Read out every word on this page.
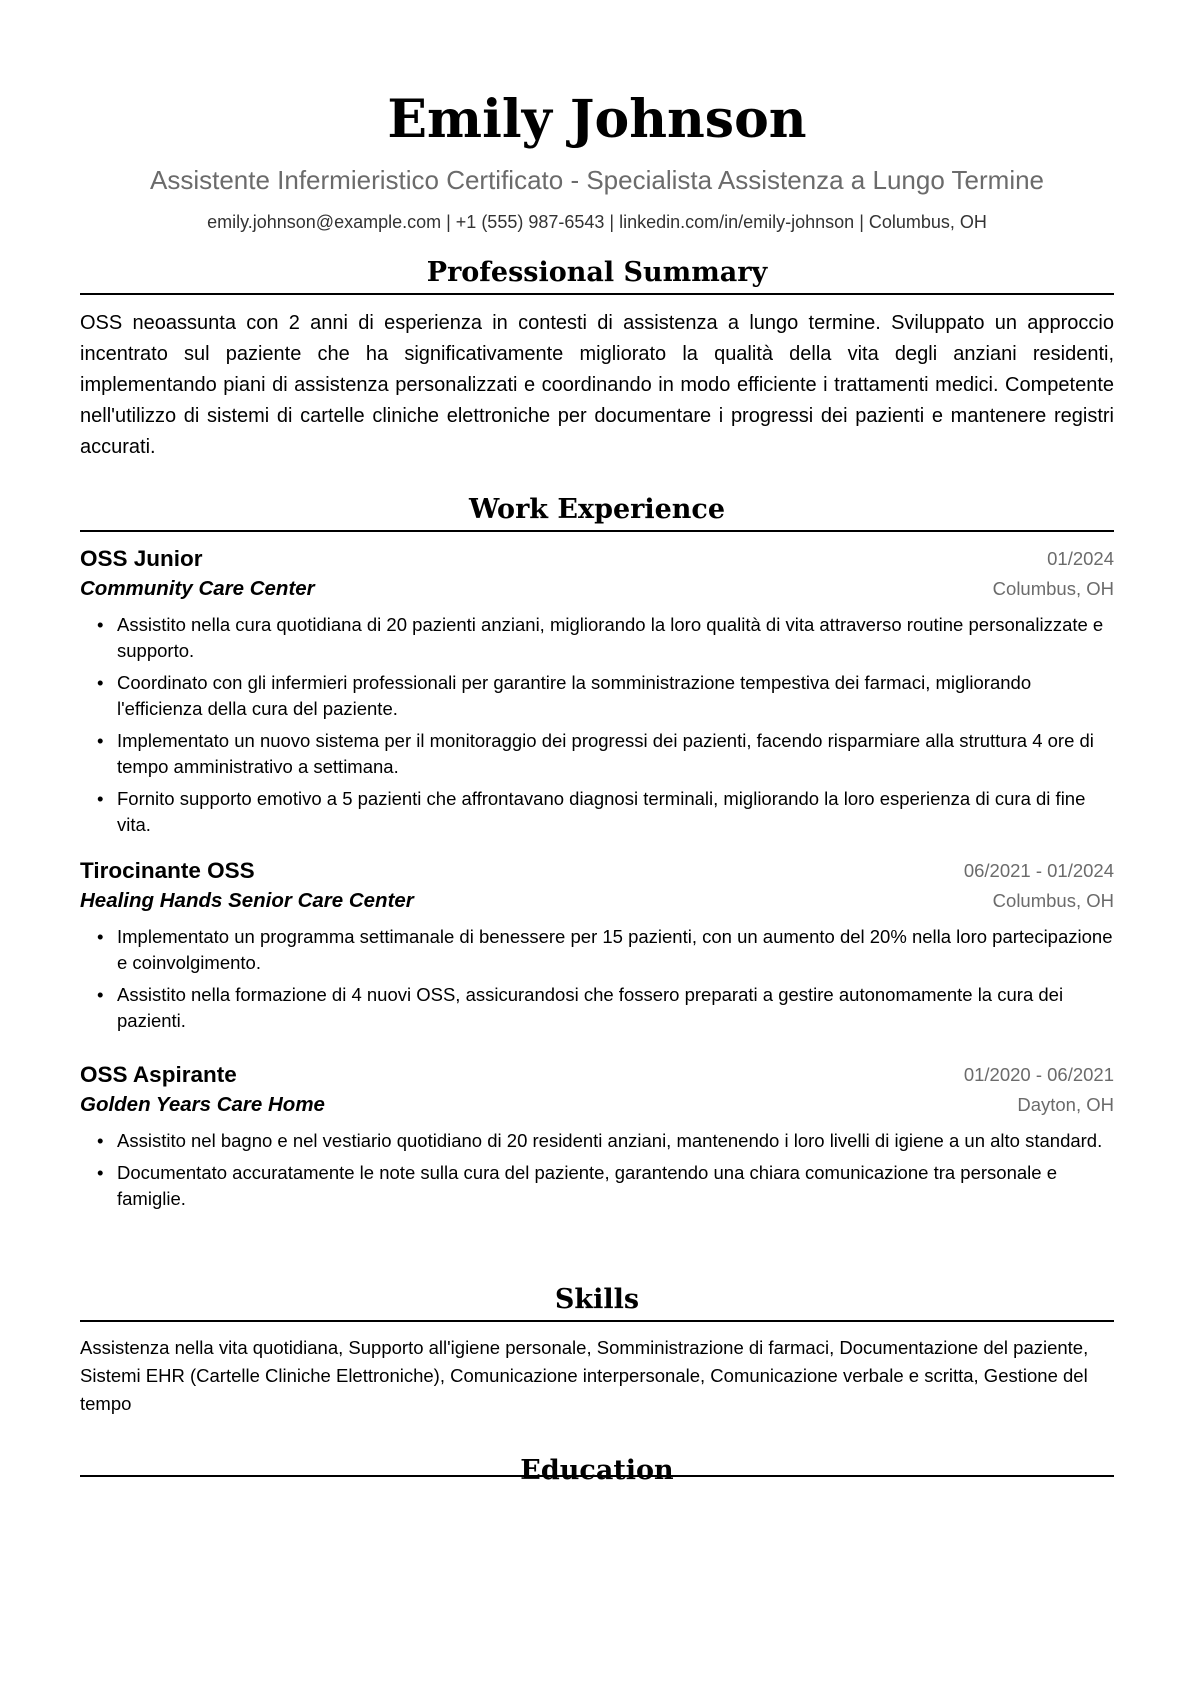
Emily Johnson
Assistente Infermieristico Certificato - Specialista Assistenza a Lungo Termine
emily.johnson@example.com | +1 (555) 987-6543 | linkedin.com/in/emily-johnson | Columbus, OH
Professional Summary
OSS neoassunta con 2 anni di esperienza in contesti di assistenza a lungo termine. Sviluppato un approccio incentrato sul paziente che ha significativamente migliorato la qualità della vita degli anziani residenti, implementando piani di assistenza personalizzati e coordinando in modo efficiente i trattamenti medici. Competente nell'utilizzo di sistemi di cartelle cliniche elettroniche per documentare i progressi dei pazienti e mantenere registri accurati.
Work Experience
OSS Junior	01/2024
Community Care Center	Columbus, OH
• Assistito nella cura quotidiana di 20 pazienti anziani, migliorando la loro qualità di vita attraverso routine personalizzate e supporto.
• Coordinato con gli infermieri professionali per garantire la somministrazione tempestiva dei farmaci, migliorando l'efficienza della cura del paziente.
• Implementato un nuovo sistema per il monitoraggio dei progressi dei pazienti, facendo risparmiare alla struttura 4 ore di tempo amministrativo a settimana.
• Fornito supporto emotivo a 5 pazienti che affrontavano diagnosi terminali, migliorando la loro esperienza di cura di fine vita.
Tirocinante OSS	06/2021 - 01/2024
Healing Hands Senior Care Center	Columbus, OH
• Implementato un programma settimanale di benessere per 15 pazienti, con un aumento del 20% nella loro partecipazione e coinvolgimento.
• Assistito nella formazione di 4 nuovi OSS, assicurandosi che fossero preparati a gestire autonomamente la cura dei pazienti.
OSS Aspirante	01/2020 - 06/2021
Golden Years Care Home	Dayton, OH
• Assistito nel bagno e nel vestiario quotidiano di 20 residenti anziani, mantenendo i loro livelli di igiene a un alto standard.
• Documentato accuratamente le note sulla cura del paziente, garantendo una chiara comunicazione tra personale e famiglie.
Skills
Assistenza nella vita quotidiana, Supporto all'igiene personale, Somministrazione di farmaci, Documentazione del paziente, Sistemi EHR (Cartelle Cliniche Elettroniche), Comunicazione interpersonale, Comunicazione verbale e scritta, Gestione del tempo
Education
